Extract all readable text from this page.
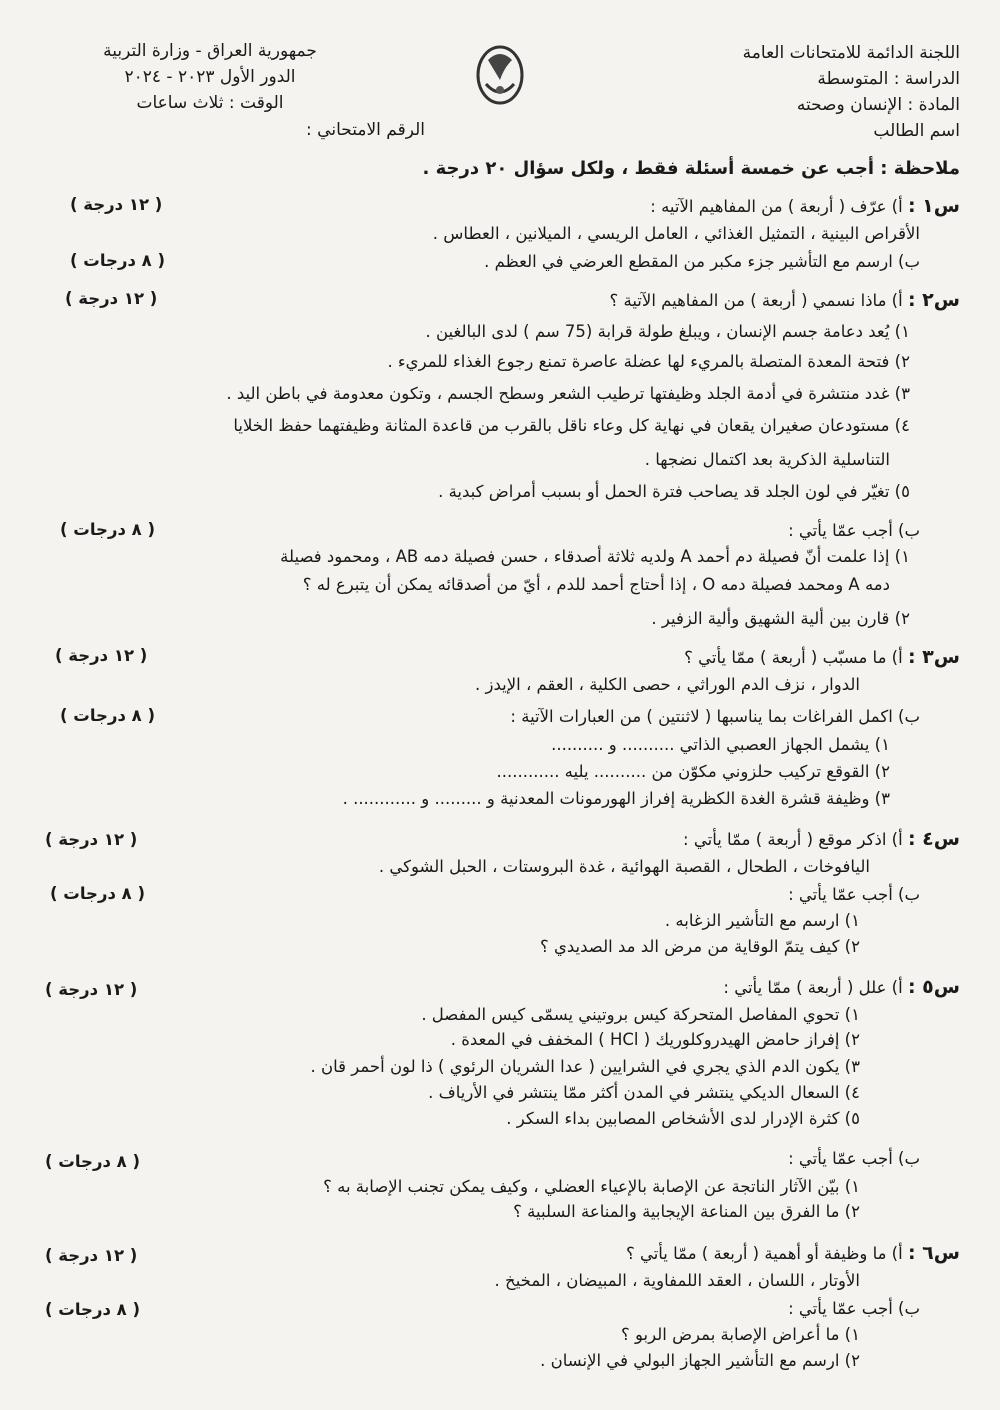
اللجنة الدائمة للامتحانات العامة
الدراسة : المتوسطة
المادة : الإنسان وصحته
اسم الطالب
جمهورية العراق - وزارة التربية
الدور الأول ٢٠٢٣ - ٢٠٢٤
الوقت : ثلاث ساعات
الرقم الامتحاني :
ملاحظة : أجب عن خمسة أسئلة فقط ، ولكل سؤال ٢٠ درجة .
س١ : أ) عرّف ( أربعة ) من المفاهيم الآتيه :
( ١٢ درجة )
الأقراص البينية ، التمثيل الغذائي ، العامل الريسي ، الميلانين ، العطاس .
ب) ارسم مع التأشير جزء مكبر من المقطع العرضي في العظم .
( ٨ درجات )
س٢ : أ) ماذا نسمي ( أربعة ) من المفاهيم الآتية ؟
( ١٢ درجة )
١) يُعد دعامة جسم الإنسان ، ويبلغ طولة قرابة (75 سم ) لدى البالغين .
٢) فتحة المعدة المتصلة بالمريء لها عضلة عاصرة تمنع رجوع الغذاء للمريء .
٣) غدد منتشرة في أدمة الجلد وظيفتها ترطيب الشعر وسطح الجسم ، وتكون معدومة في باطن اليد .
٤) مستودعان صغيران يقعان في نهاية كل وعاء ناقل بالقرب من قاعدة المثانة وظيفتهما حفظ الخلايا
التناسلية الذكرية بعد اكتمال نضجها .
٥) تغيّر في لون الجلد قد يصاحب فترة الحمل أو بسبب أمراض كبدية .
ب) أجب عمّا يأتي :
( ٨ درجات )
١) إذا علمت أنّ فصيلة دم أحمد A ولديه ثلاثة أصدقاء ، حسن فصيلة دمه AB ، ومحمود فصيلة
دمه A ومحمد فصيلة دمه O ، إذا أحتاج أحمد للدم ، أيّ من أصدقائه يمكن أن يتبرع له ؟
٢) قارن بين ألية الشهيق وألية الزفير .
س٣ : أ) ما مسبّب ( أربعة ) ممّا يأتي ؟
( ١٢ درجة )
الدوار ، نزف الدم الوراثي ، حصى الكلية ، العقم ، الإيدز .
ب) اكمل الفراغات بما يناسبها ( لاثنتين ) من العبارات الآتية :
( ٨ درجات )
١) يشمل الجهاز العصبي الذاتي .......... و ..........
٢) القوقع تركيب حلزوني مكوّن من .......... يليه ............
٣) وظيفة قشرة الغدة الكظرية إفراز الهورمونات المعدنية و ......... و ............ .
س٤ : أ) اذكر موقع ( أربعة ) ممّا يأتي :
( ١٢ درجة )
اليافوخات ، الطحال ، القصبة الهوائية ، غدة البروستات ، الحبل الشوكي .
ب) أجب عمّا يأتي :
( ٨ درجات )
١) ارسم مع التأشير الزغابه .
٢) كيف يتمّ الوقاية من مرض الد مد الصديدي ؟
س٥ : أ) علل ( أربعة ) ممّا يأتي :
( ١٢ درجة )
١) تحوي المفاصل المتحركة كيس بروتيني يسمّى كيس المفصل .
٢) إفراز حامض الهيدروكلوريك ( HCl ) المخفف في المعدة .
٣) يكون الدم الذي يجري في الشرايين ( عدا الشريان الرئوي ) ذا لون أحمر قان .
٤) السعال الديكي ينتشر في المدن أكثر ممّا ينتشر في الأرياف .
٥) كثرة الإدرار لدى الأشخاص المصابين بداء السكر .
ب) أجب عمّا يأتي :
( ٨ درجات )
١) بيّن الآثار الناتجة عن الإصابة بالإعياء العضلي ، وكيف يمكن تجنب الإصابة به ؟
٢) ما الفرق بين المناعة الإيجابية والمناعة السلبية ؟
س٦ : أ) ما وظيفة أو أهمية ( أربعة ) ممّا يأتي ؟
( ١٢ درجة )
الأوتار ، اللسان ، العقد اللمفاوية ، المبيضان ، المخيخ .
ب) أجب عمّا يأتي :
( ٨ درجات )
١) ما أعراض الإصابة بمرض الربو ؟
٢) ارسم مع التأشير الجهاز البولي في الإنسان .
